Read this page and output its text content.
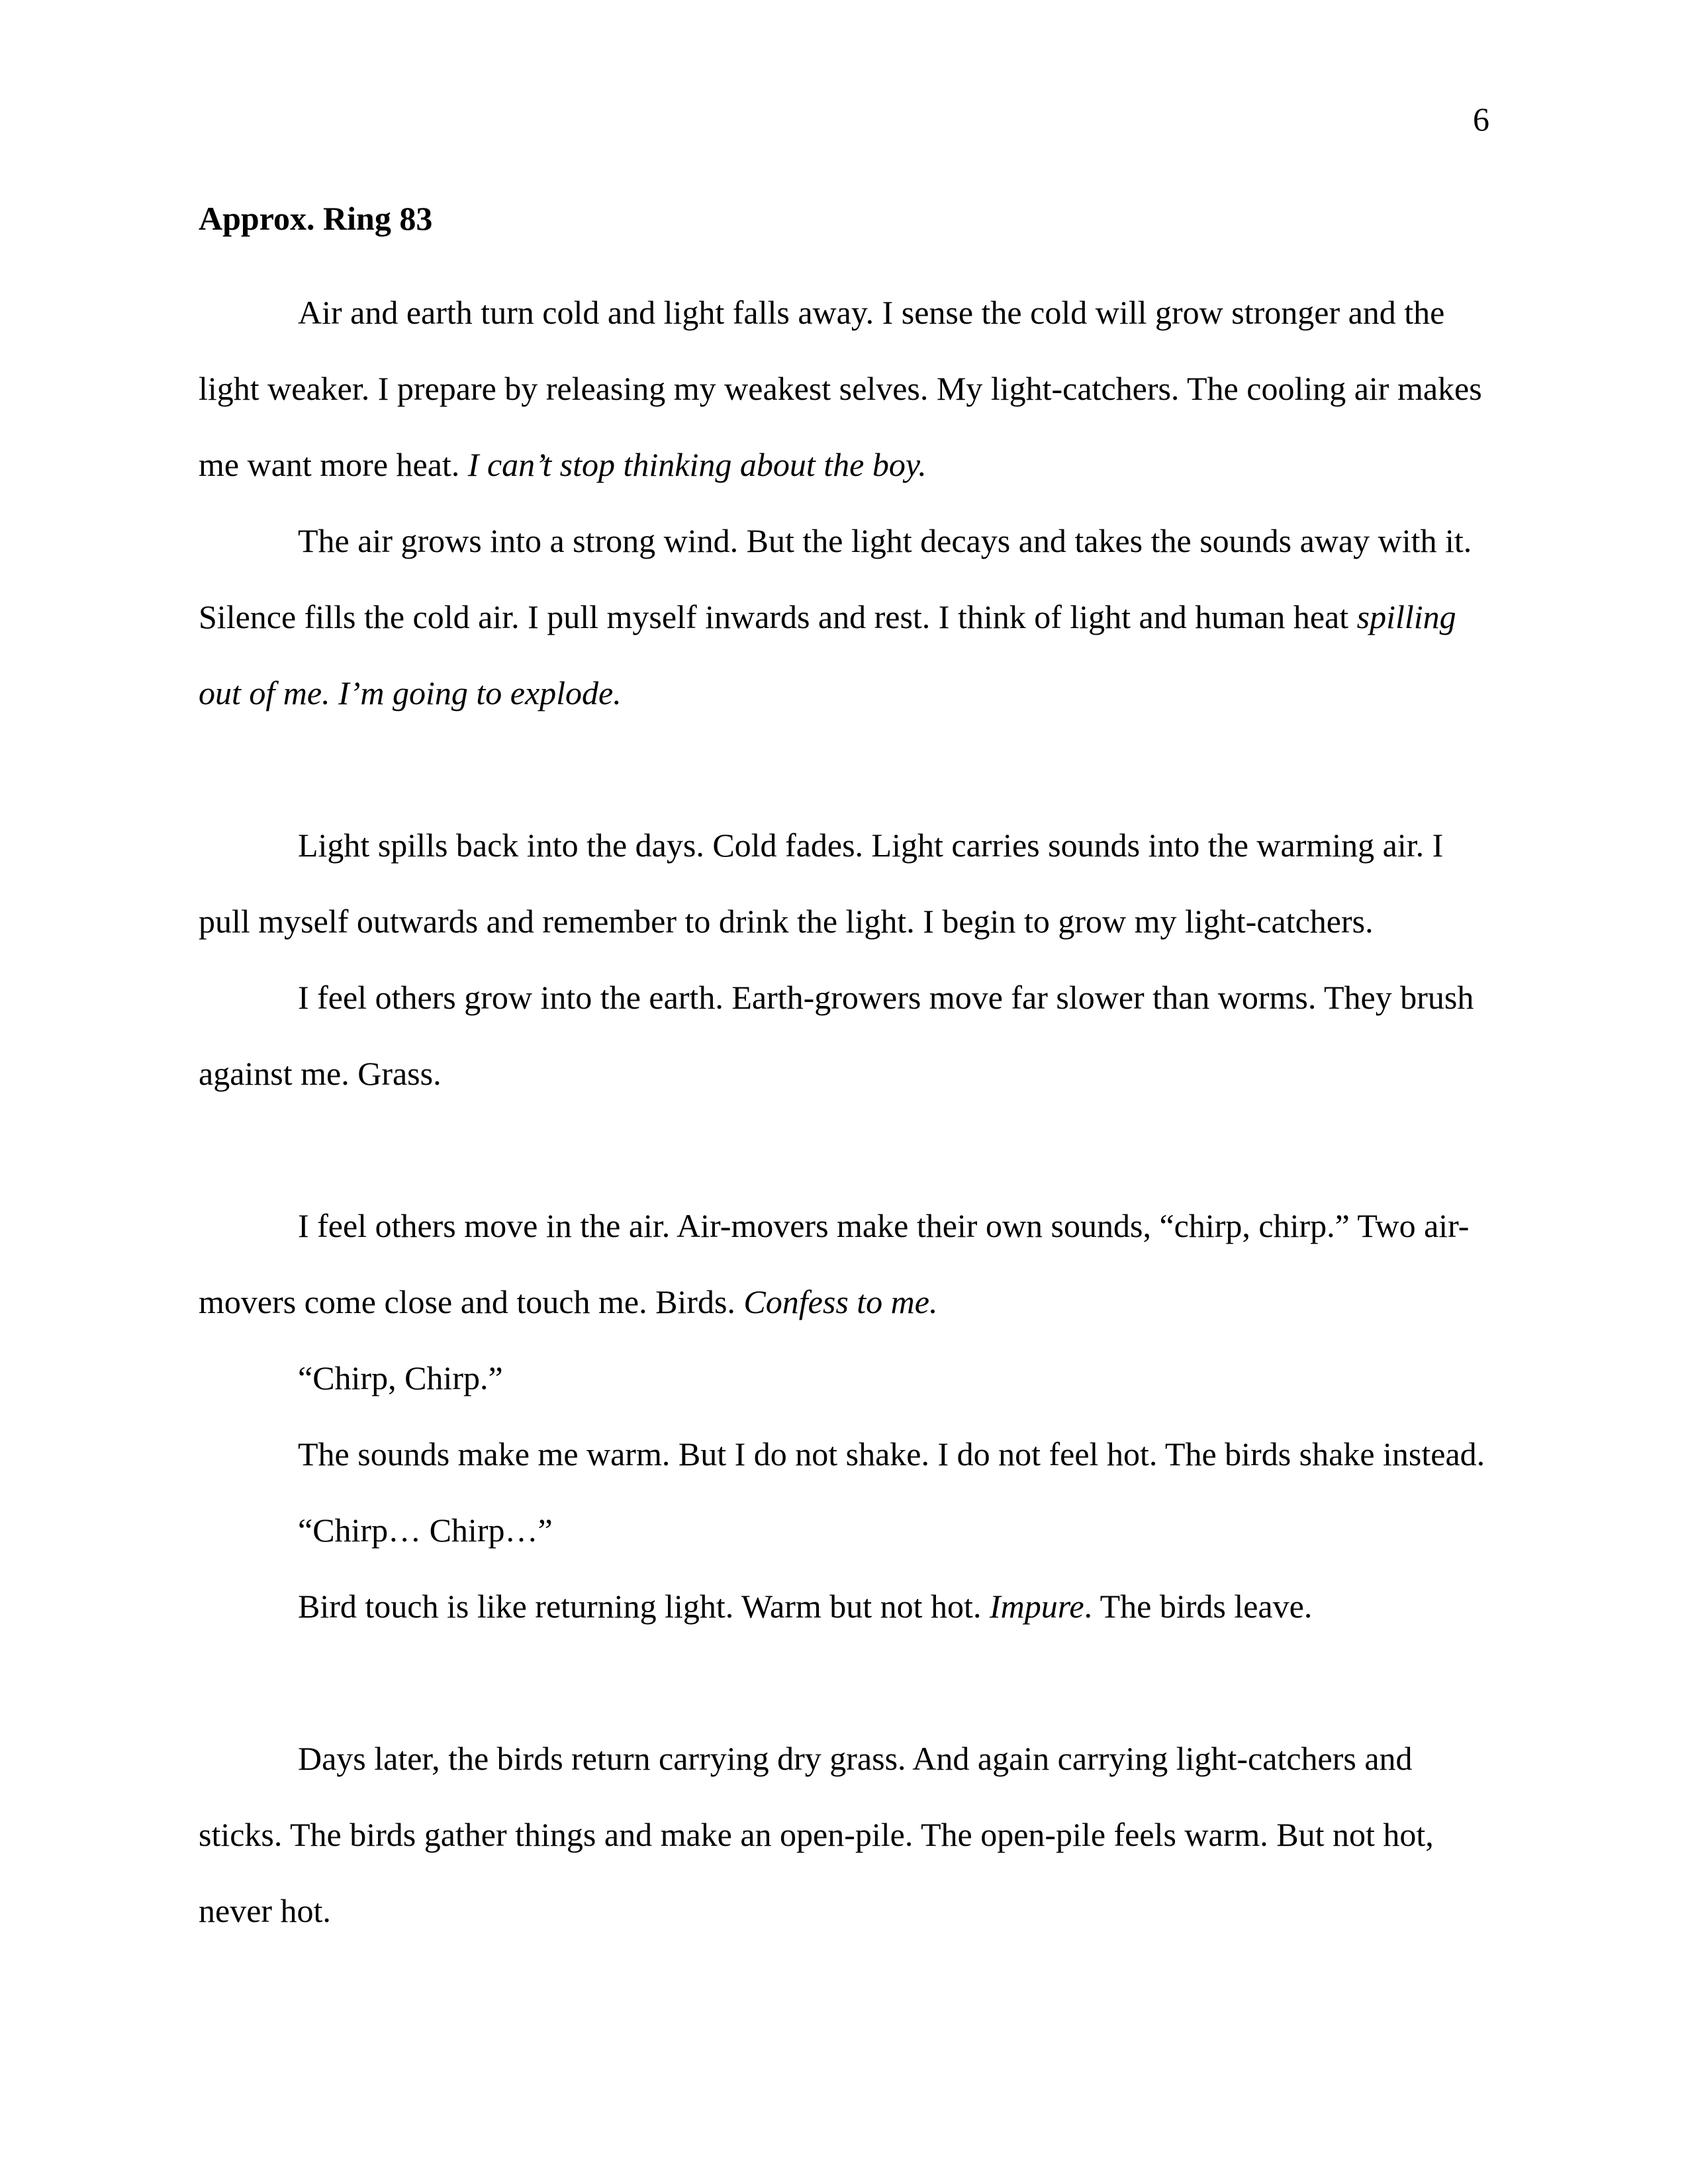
6
Approx. Ring 83

Air and earth turn cold and light falls away. I sense the cold will grow stronger and the light weaker. I prepare by releasing my weakest selves. My light-catchers. The cooling air makes me want more heat. I can’t stop thinking about the boy.

The air grows into a strong wind. But the light decays and takes the sounds away with it. Silence fills the cold air. I pull myself inwards and rest. I think of light and human heat spilling out of me. I’m going to explode.

Light spills back into the days. Cold fades. Light carries sounds into the warming air. I pull myself outwards and remember to drink the light. I begin to grow my light-catchers.

I feel others grow into the earth. Earth-growers move far slower than worms. They brush against me. Grass.

I feel others move in the air. Air-movers make their own sounds, “chirp, chirp.” Two air-movers come close and touch me. Birds. Confess to me.

“Chirp, Chirp.”

The sounds make me warm. But I do not shake. I do not feel hot. The birds shake instead.

“Chirp… Chirp…”

Bird touch is like returning light. Warm but not hot. Impure. The birds leave.

Days later, the birds return carrying dry grass. And again carrying light-catchers and sticks. The birds gather things and make an open-pile. The open-pile feels warm. But not hot, never hot.
